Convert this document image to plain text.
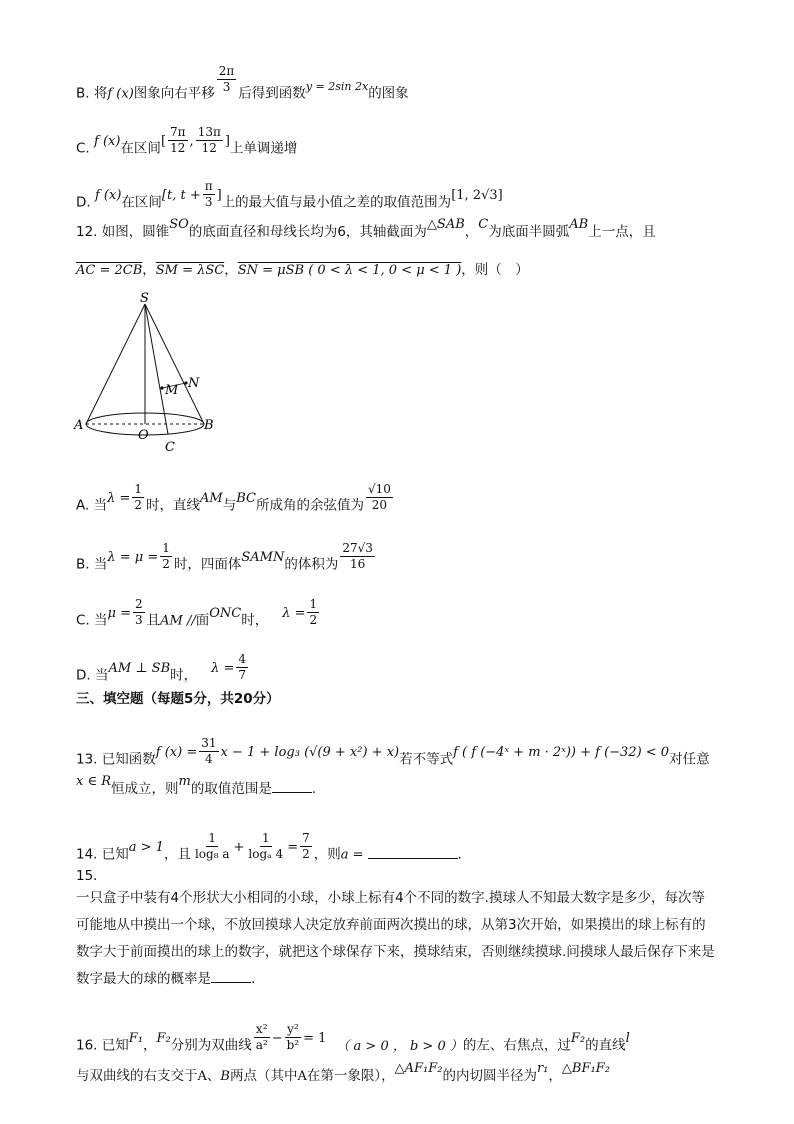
B. 将f (x)图象向右平移 $\frac{2\pi}{3}$ 后得到函数$^{y = 2sin 2x}$的图象
C. f (x)在区间[ $\frac{7\pi}{12}$ , $\frac{13\pi}{12}$ ]上单调递增
D. f (x)在区间[t, $t + \frac{\pi}{3}$ ]上的最大值与最小值之差的取值范围为[1, 2√3]
12. 如图，圆锥SO的底面直径和母线长均为6，其轴截面为△SAB，C为底面半圆弧AB上一点，且
AC = 2CB，SM = λSC，SN = μSB ( 0 < λ < 1, 0 < μ < 1 )，则（　）
S
A	B
O
C
M N
A. 当$\lambda = \frac{1}{2}$ 时，直线AM与BC所成角的余弦值为 $\frac{√10}{20}$
B. 当$\lambda = \mu = \frac{1}{2}$ 时，四面体SAMN的体积为 $\frac{27√3}{16}$
C. 当$\mu = \frac{2}{3}$ 且AM //面ONC时， $\lambda = \frac{1}{2}$
D. 当AM ⊥ SB时， $\lambda = \frac{4}{7}$
三、填空题（每题5分，共20分）
13. 已知函数f $(x) = \frac{31}{4}$ x − 1 + log₃ (√(9 + x²) + x)若不等式f ( f (−4ˣ + m · 2ˣ)) + f (−32) < 0对任意
x ∈ R恒成立，则m的取值范围是	.
14. 已知a > 1，且 $\frac{1}{\text{log₈ a}} + \frac{1}{\text{logₐ 4}} = \frac{7}{2}$ ，则a =	.
15.
一只盒子中装有4个形状大小相同的小球，小球上标有4个不同的数字.摸球人不知最大数字是多少，每次等可能地从中摸出一个球，不放回摸球人决定放弃前面两次摸出的球，从第3次开始，如果摸出的球上标有的数字大于前面摸出的球上的数字，就把这个球保存下来，摸球结束，否则继续摸球.问摸球人最后保存下来是数字最大的球的概率是	.
16. 已知F₁，F₂分别为双曲线 $\frac{\text{x²}}{\text{a²}} - \frac{\text{y²}}{\text{b²}} = 1$（ a > 0 ， b > 0 ）的左、右焦点，过F₂的直线l
与双曲线的右支交于A、B两点（其中A在第一象限），△AF₁F₂的内切圆半径为r₁，△BF₁F₂
